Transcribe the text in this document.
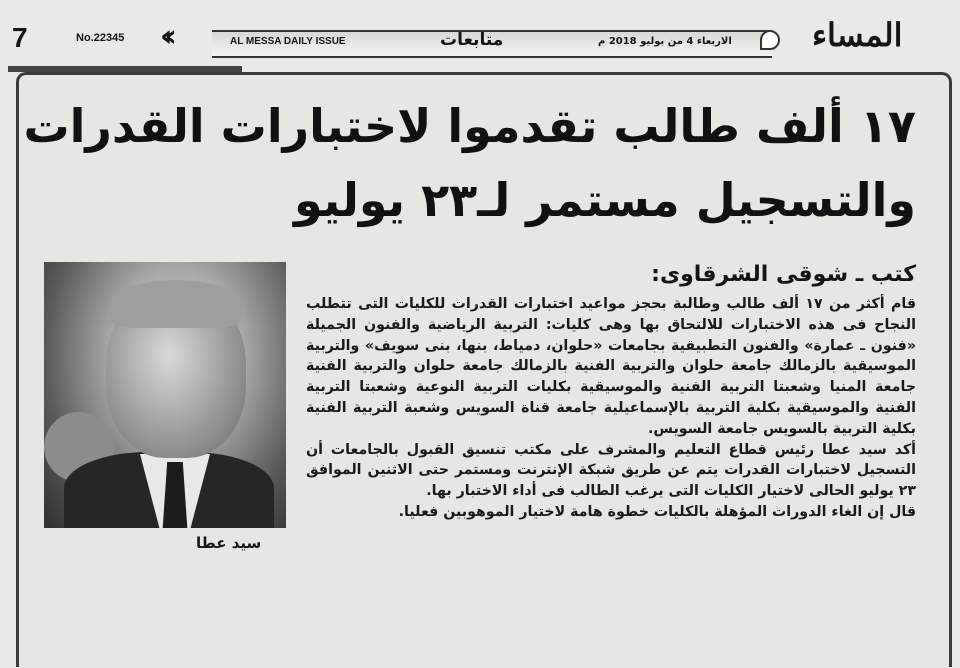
7	No.22345 ‹‹	AL MESSA DAILY ISSUE	متابعات	الاربعاء 4 من يوليو 2018 م	المساء
١٧ ألف طالب تقدموا لاختبارات القدرات
والتسجيل مستمر لـ٢٣ يوليو
سيد عطا
كتب ـ شوقى الشرقاوى:

قام أكثر من ١٧ ألف طالب وطالبة بحجز مواعيد اختبارات القدرات للكليات التى تتطلب النجاح فى هذه الاختبارات للالتحاق بها وهى كليات: التربية الرياضية والفنون الجميلة «فنون ـ عمارة» والفنون التطبيقية بجامعات «حلوان، دمياط، بنها، بنى سويف» والتربية الموسيقية بالزمالك جامعة حلوان والتربية الفنية بالزمالك جامعة حلوان والتربية الفنية جامعة المنيا وشعبتا التربية الفنية والموسيقية بكليات التربية النوعية وشعبتا التربية الفنية والموسيقية بكلية التربية بالإسماعيلية جامعة قناة السويس وشعبة التربية الفنية بكلية التربية بالسويس جامعة السويس.

أكد سيد عطا رئيس قطاع التعليم والمشرف على مكتب تنسيق القبول بالجامعات أن التسجيل لاختبارات القدرات يتم عن طريق شبكة الإنترنت ومستمر حتى الاثنين الموافق ٢٣ يوليو الحالى لاختيار الكليات التى يرغب الطالب فى أداء الاختبار بها.

قال إن الغاء الدورات المؤهلة بالكليات خطوة هامة لاختيار الموهوبين فعليا.
